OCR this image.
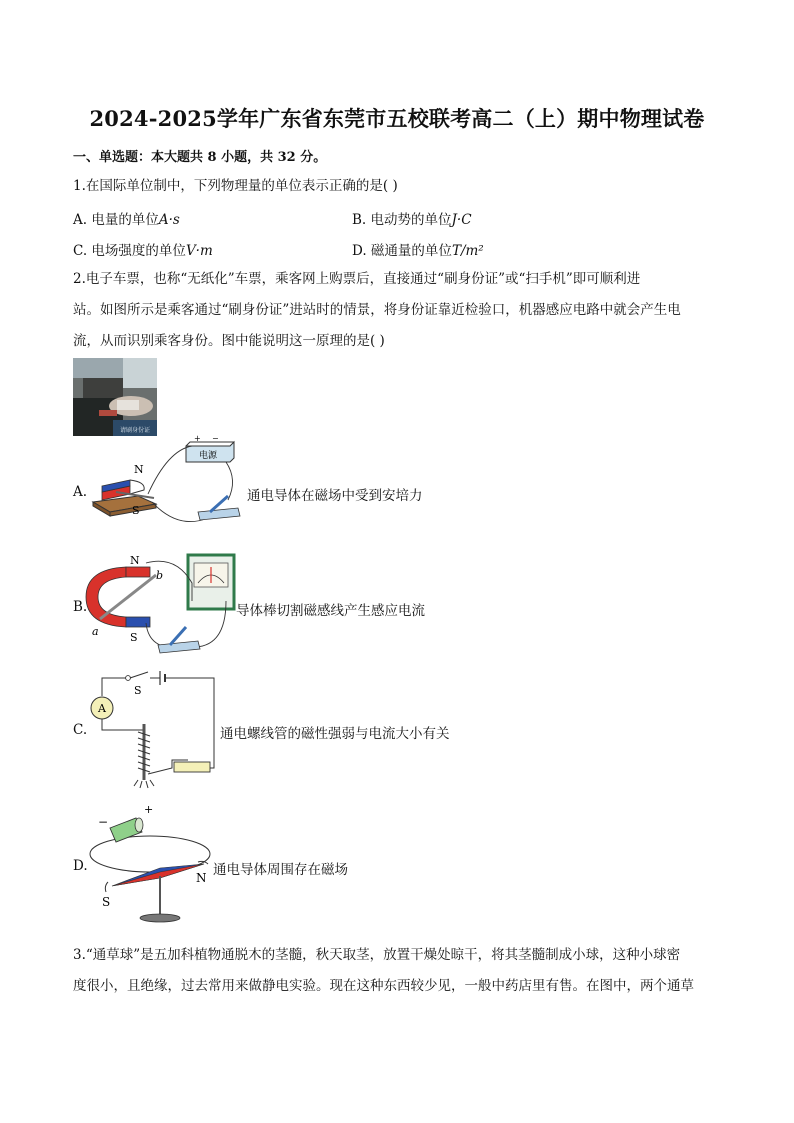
2024-2025学年广东省东莞市五校联考高二（上）期中物理试卷
一、单选题：本大题共 8 小题，共 32 分。
1.在国际单位制中，下列物理量的单位表示正确的是( )
A. 电量的单位A·s	B. 电动势的单位J·C
C. 电场强度的单位V·m	D. 磁通量的单位T/m²
2.电子车票，也称“无纸化”车票，乘客网上购票后，直接通过“刷身份证”或“扫手机”即可顺利进
站。如图所示是乘客通过“刷身份证”进站时的情景，将身份证靠近检验口，机器感应电路中就会产生电
流，从而识别乘客身份。图中能说明这一原理的是( )
请刷身份证
A.
N
S
电源
+ −
通电导体在磁场中受到安培力
B.
N
S
a
b
导体棒切割磁感线产生感应电流
C.
S
A
通电螺线管的磁性强弱与电流大小有关
D.
+
−
N
S
通电导体周围存在磁场
3.“通草球”是五加科植物通脱木的茎髓，秋天取茎，放置干燥处晾干，将其茎髓制成小球，这种小球密
度很小，且绝缘，过去常用来做静电实验。现在这种东西较少见，一般中药店里有售。在图中，两个通草
